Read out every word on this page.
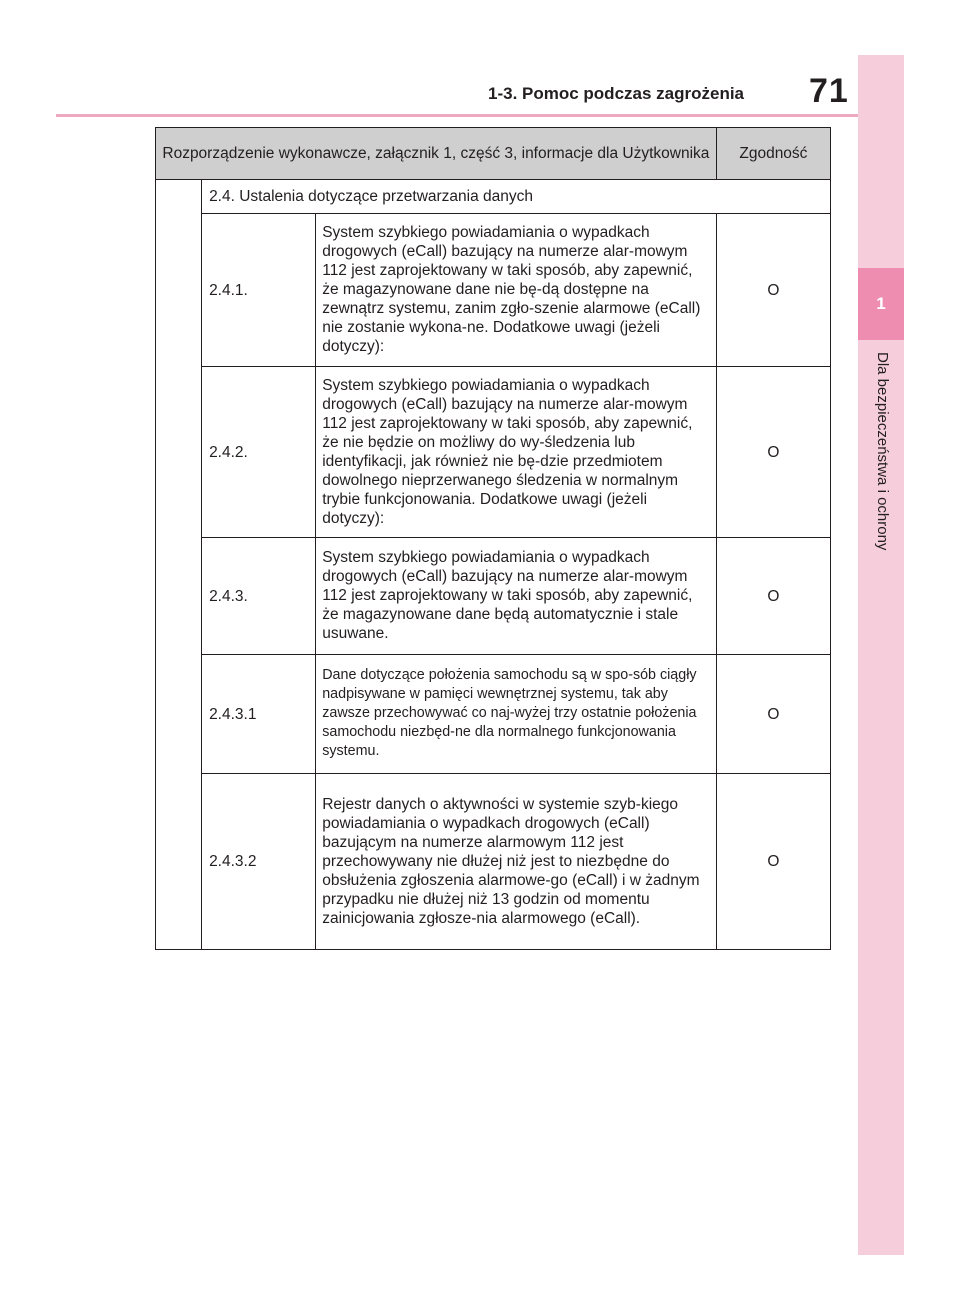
1
Dla bezpieczeństwa i ochrony
1-3. Pomoc podczas zagrożenia 71
Rozporządzenie wykonawcze, załącznik 1, część 3, informacje dla Użytkownika			Zgodność
	2.4. Ustalenia dotyczące przetwarzania danych		
	2.4.1.	System szybkiego powiadamiania o wypadkach drogowych (eCall) bazujący na numerze alar-mowym 112 jest zaprojektowany w taki sposób, aby zapewnić, że magazynowane dane nie bę-dą dostępne na zewnątrz systemu, zanim zgło-szenie alarmowe (eCall) nie zostanie wykona-ne. Dodatkowe uwagi (jeżeli dotyczy):	O
	2.4.2.	System szybkiego powiadamiania o wypadkach drogowych (eCall) bazujący na numerze alar-mowym 112 jest zaprojektowany w taki sposób, aby zapewnić, że nie będzie on możliwy do wy-śledzenia lub identyfikacji, jak również nie bę-dzie przedmiotem dowolnego nieprzerwanego śledzenia w normalnym trybie funkcjonowania. Dodatkowe uwagi (jeżeli dotyczy):	O
	2.4.3.	System szybkiego powiadamiania o wypadkach drogowych (eCall) bazujący na numerze alar-mowym 112 jest zaprojektowany w taki sposób, aby zapewnić, że magazynowane dane będą automatycznie i stale usuwane.	O
	2.4.3.1	Dane dotyczące położenia samochodu są w spo-sób ciągły nadpisywane w pamięci wewnętrznej systemu, tak aby zawsze przechowywać co naj-wyżej trzy ostatnie położenia samochodu niezbęd-ne dla normalnego funkcjonowania systemu.	O
	2.4.3.2	Rejestr danych o aktywności w systemie szyb-kiego powiadamiania o wypadkach drogowych (eCall) bazującym na numerze alarmowym 112 jest przechowywany nie dłużej niż jest to niezbędne do obsłużenia zgłoszenia alarmowe-go (eCall) i w żadnym przypadku nie dłużej niż 13 godzin od momentu zainicjowania zgłosze-nia alarmowego (eCall).	O
